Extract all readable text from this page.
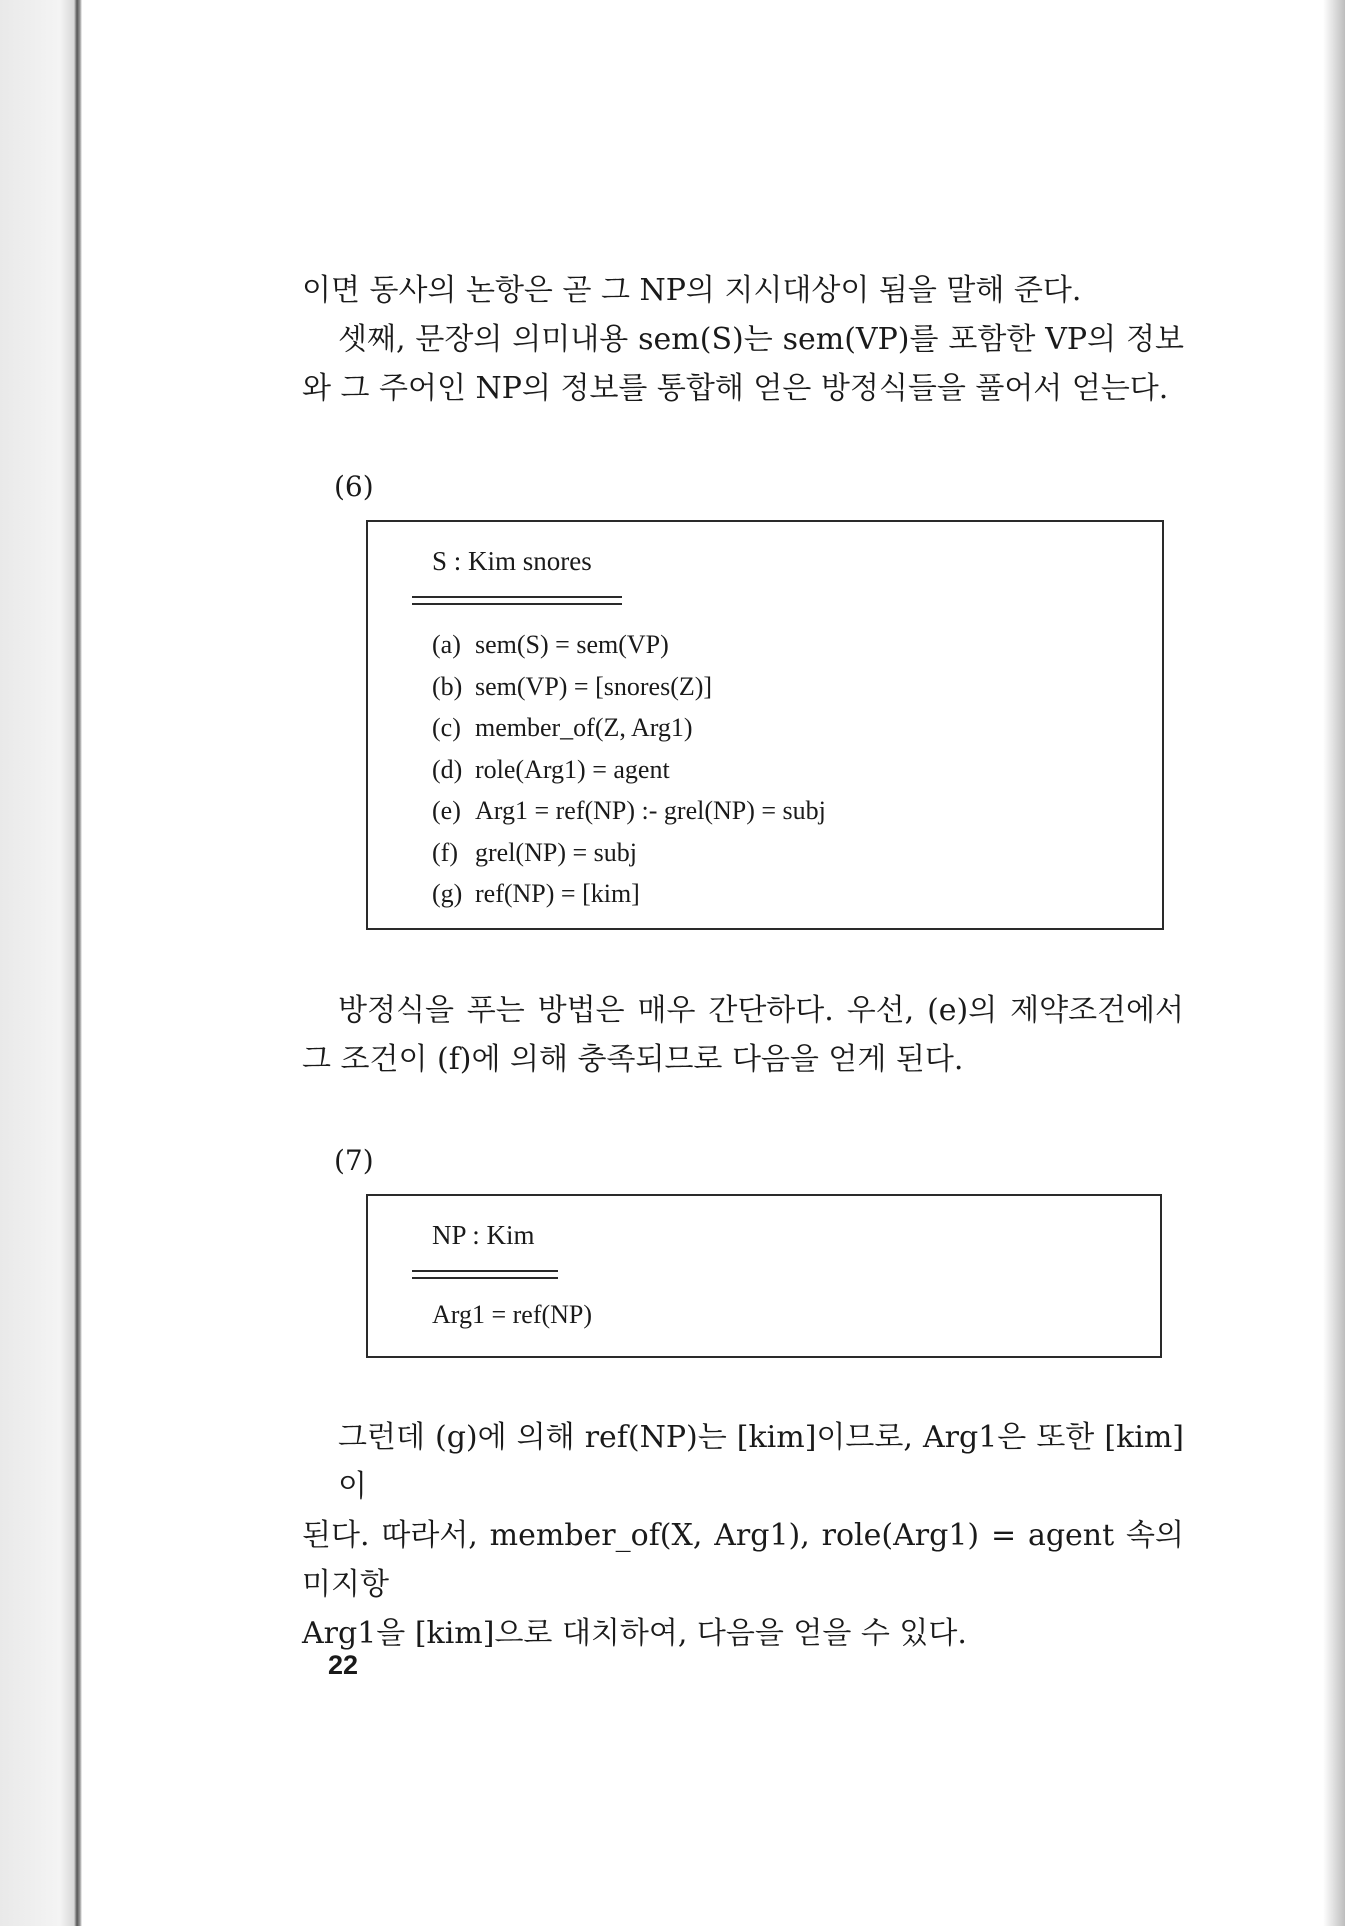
이면 동사의 논항은 곧 그 NP의 지시대상이 됨을 말해 준다.
셋째, 문장의 의미내용 sem(S)는 sem(VP)를 포함한 VP의 정보
와 그 주어인 NP의 정보를 통합해 얻은 방정식들을 풀어서 얻는다.
(6)
S : Kim snores
(a) sem(S) = sem(VP)
(b) sem(VP) = [snores(Z)]
(c) member_of(Z, Arg1)
(d) role(Arg1) = agent
(e) Arg1 = ref(NP) :- grel(NP) = subj
(f) grel(NP) = subj
(g) ref(NP) = [kim]
방정식을 푸는 방법은 매우 간단하다. 우선, (e)의 제약조건에서
그 조건이 (f)에 의해 충족되므로 다음을 얻게 된다.
(7)
NP : Kim
Arg1 = ref(NP)
그런데 (g)에 의해 ref(NP)는 [kim]이므로, Arg1은 또한 [kim]이
된다. 따라서, member_of(X, Arg1), role(Arg1) = agent 속의 미지항
Arg1을 [kim]으로 대치하여, 다음을 얻을 수 있다.
22
